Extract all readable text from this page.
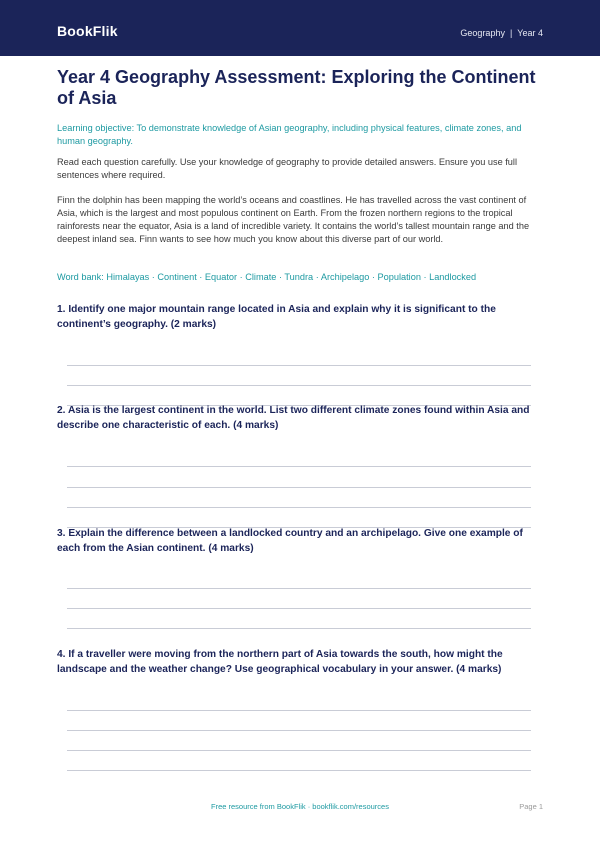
BookFlik	Geography | Year 4
Year 4 Geography Assessment: Exploring the Continent of Asia

Learning objective: To demonstrate knowledge of Asian geography, including physical features, climate zones, and human geography.

Read each question carefully. Use your knowledge of geography to provide detailed answers. Ensure you use full sentences where required.

Finn the dolphin has been mapping the world’s oceans and coastlines. He has travelled across the vast continent of Asia, which is the largest and most populous continent on Earth. From the frozen northern regions to the tropical rainforests near the equator, Asia is a land of incredible variety. It contains the world’s tallest mountain range and the deepest inland sea. Finn wants to see how much you know about this diverse part of our world.

Word bank: Himalayas · Continent · Equator · Climate · Tundra · Archipelago · Population · Landlocked

1. Identify one major mountain range located in Asia and explain why it is significant to the continent’s geography. (2 marks)

2. Asia is the largest continent in the world. List two different climate zones found within Asia and describe one characteristic of each. (4 marks)

3. Explain the difference between a landlocked country and an archipelago. Give one example of each from the Asian continent. (4 marks)

4. If a traveller were moving from the northern part of Asia towards the south, how might the landscape and the weather change? Use geographical vocabulary in your answer. (4 marks)

Free resource from BookFlik · bookflik.com/resources	Page 1
